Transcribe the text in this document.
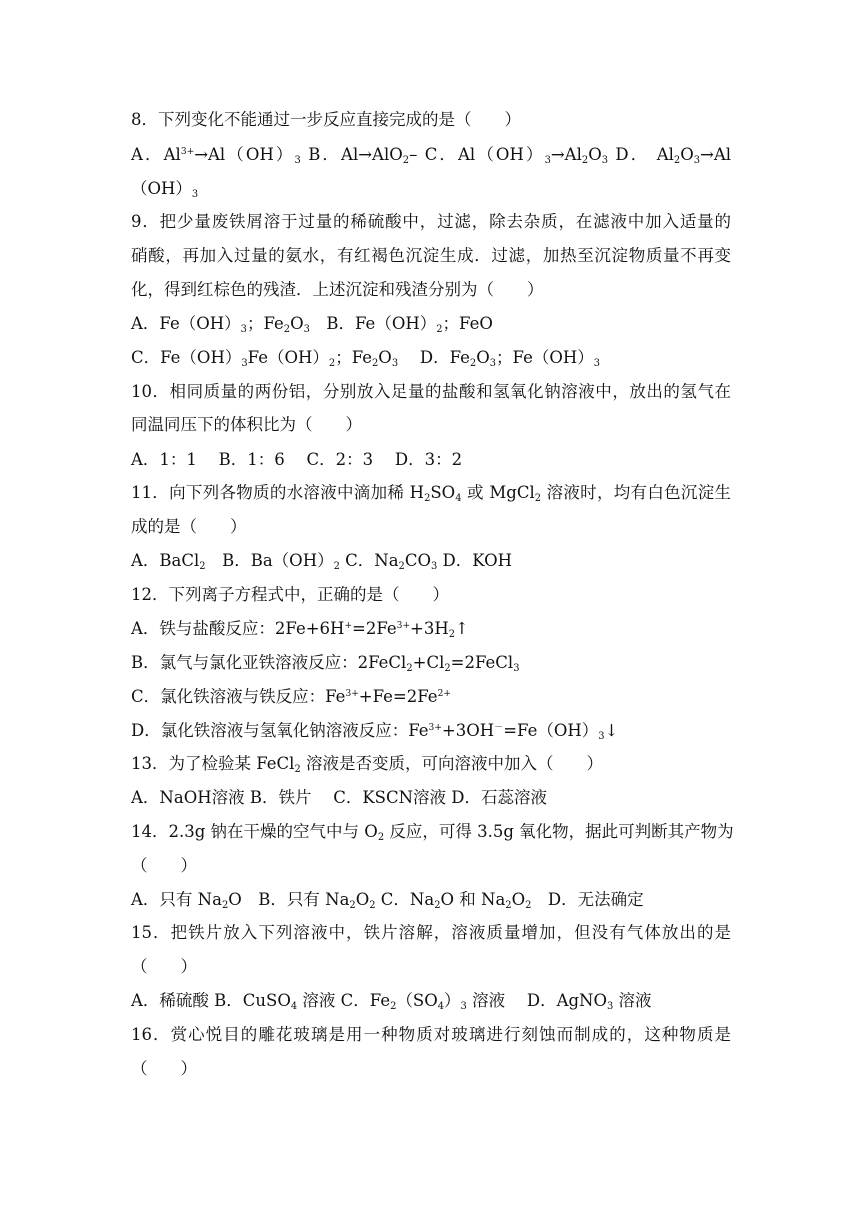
8．下列变化不能通过一步反应直接完成的是（　　）
A．$Al^{3+}\to Al(OH)_3$ B．Al→AlO$_2$– C．$Al(OH)_3\to Al_2O_3$ D． $Al_2O_3\to Al$
$(OH)_3$
9．把少量废铁屑溶于过量的稀硫酸中，过滤，除去杂质，在滤液中加入适量的
硝酸，再加入过量的氨水，有红褐色沉淀生成．过滤，加热至沉淀物质量不再变
化，得到红棕色的残渣．上述沉淀和残渣分别为（　　）
A．$Fe(OH)_3$；$Fe_2O_3$　B．$Fe(OH)_2$；FeO
C．$Fe(OH)_3Fe(OH)_2$；$Fe_2O_3$　 D．$Fe_2O_3$；$Fe(OH)_3$
10．相同质量的两份铝，分别放入足量的盐酸和氢氧化钠溶液中，放出的氢气在
同温同压下的体积比为（　　）
A．1：1　 B．1：6　 C．2：3　 D．3：2
11．向下列各物质的水溶液中滴加稀 $H_2SO_4$ 或 MgCl$_2$ 溶液时，均有白色沉淀生
成的是（　　）
A．BaCl$_2$　B．$Ba(OH)_2$ C．$Na_2CO_3$ D．KOH
12．下列离子方程式中，正确的是（　　）
A．铁与盐酸反应：$2Fe+6H^+=2Fe^{3+}+3H_2↑$
B．氯气与氯化亚铁溶液反应：$2FeCl_2+Cl_2=2FeCl_3$
C．氯化铁溶液与铁反应：$Fe^{3+}+Fe=2Fe^{2+}$
D．氯化铁溶液与氢氧化钠溶液反应：$Fe^{3+}+3OH^-=Fe(OH)_3↓$
13．为了检验某 FeCl$_2$ 溶液是否变质，可向溶液中加入（　　）
A．NaOH溶液 B．铁片　 C．KSCN溶液 D．石蕊溶液
14．2.3g 钠在干燥的空气中与 $O_2$ 反应，可得 3.5g 氧化物，据此可判断其产物为
（　　）
A．只有 $Na_2O$　B．只有 $Na_2O_2$ C．$Na_2O$ 和 $Na_2O_2$　D．无法确定
15．把铁片放入下列溶液中，铁片溶解，溶液质量增加，但没有气体放出的是
（　　）
A．稀硫酸 B．CuSO$_4$ 溶液 C．$Fe_2(SO_4)_3$ 溶液　 D．AgNO$_3$ 溶液
16．赏心悦目的雕花玻璃是用一种物质对玻璃进行刻蚀而制成的，这种物质是
（　　）
